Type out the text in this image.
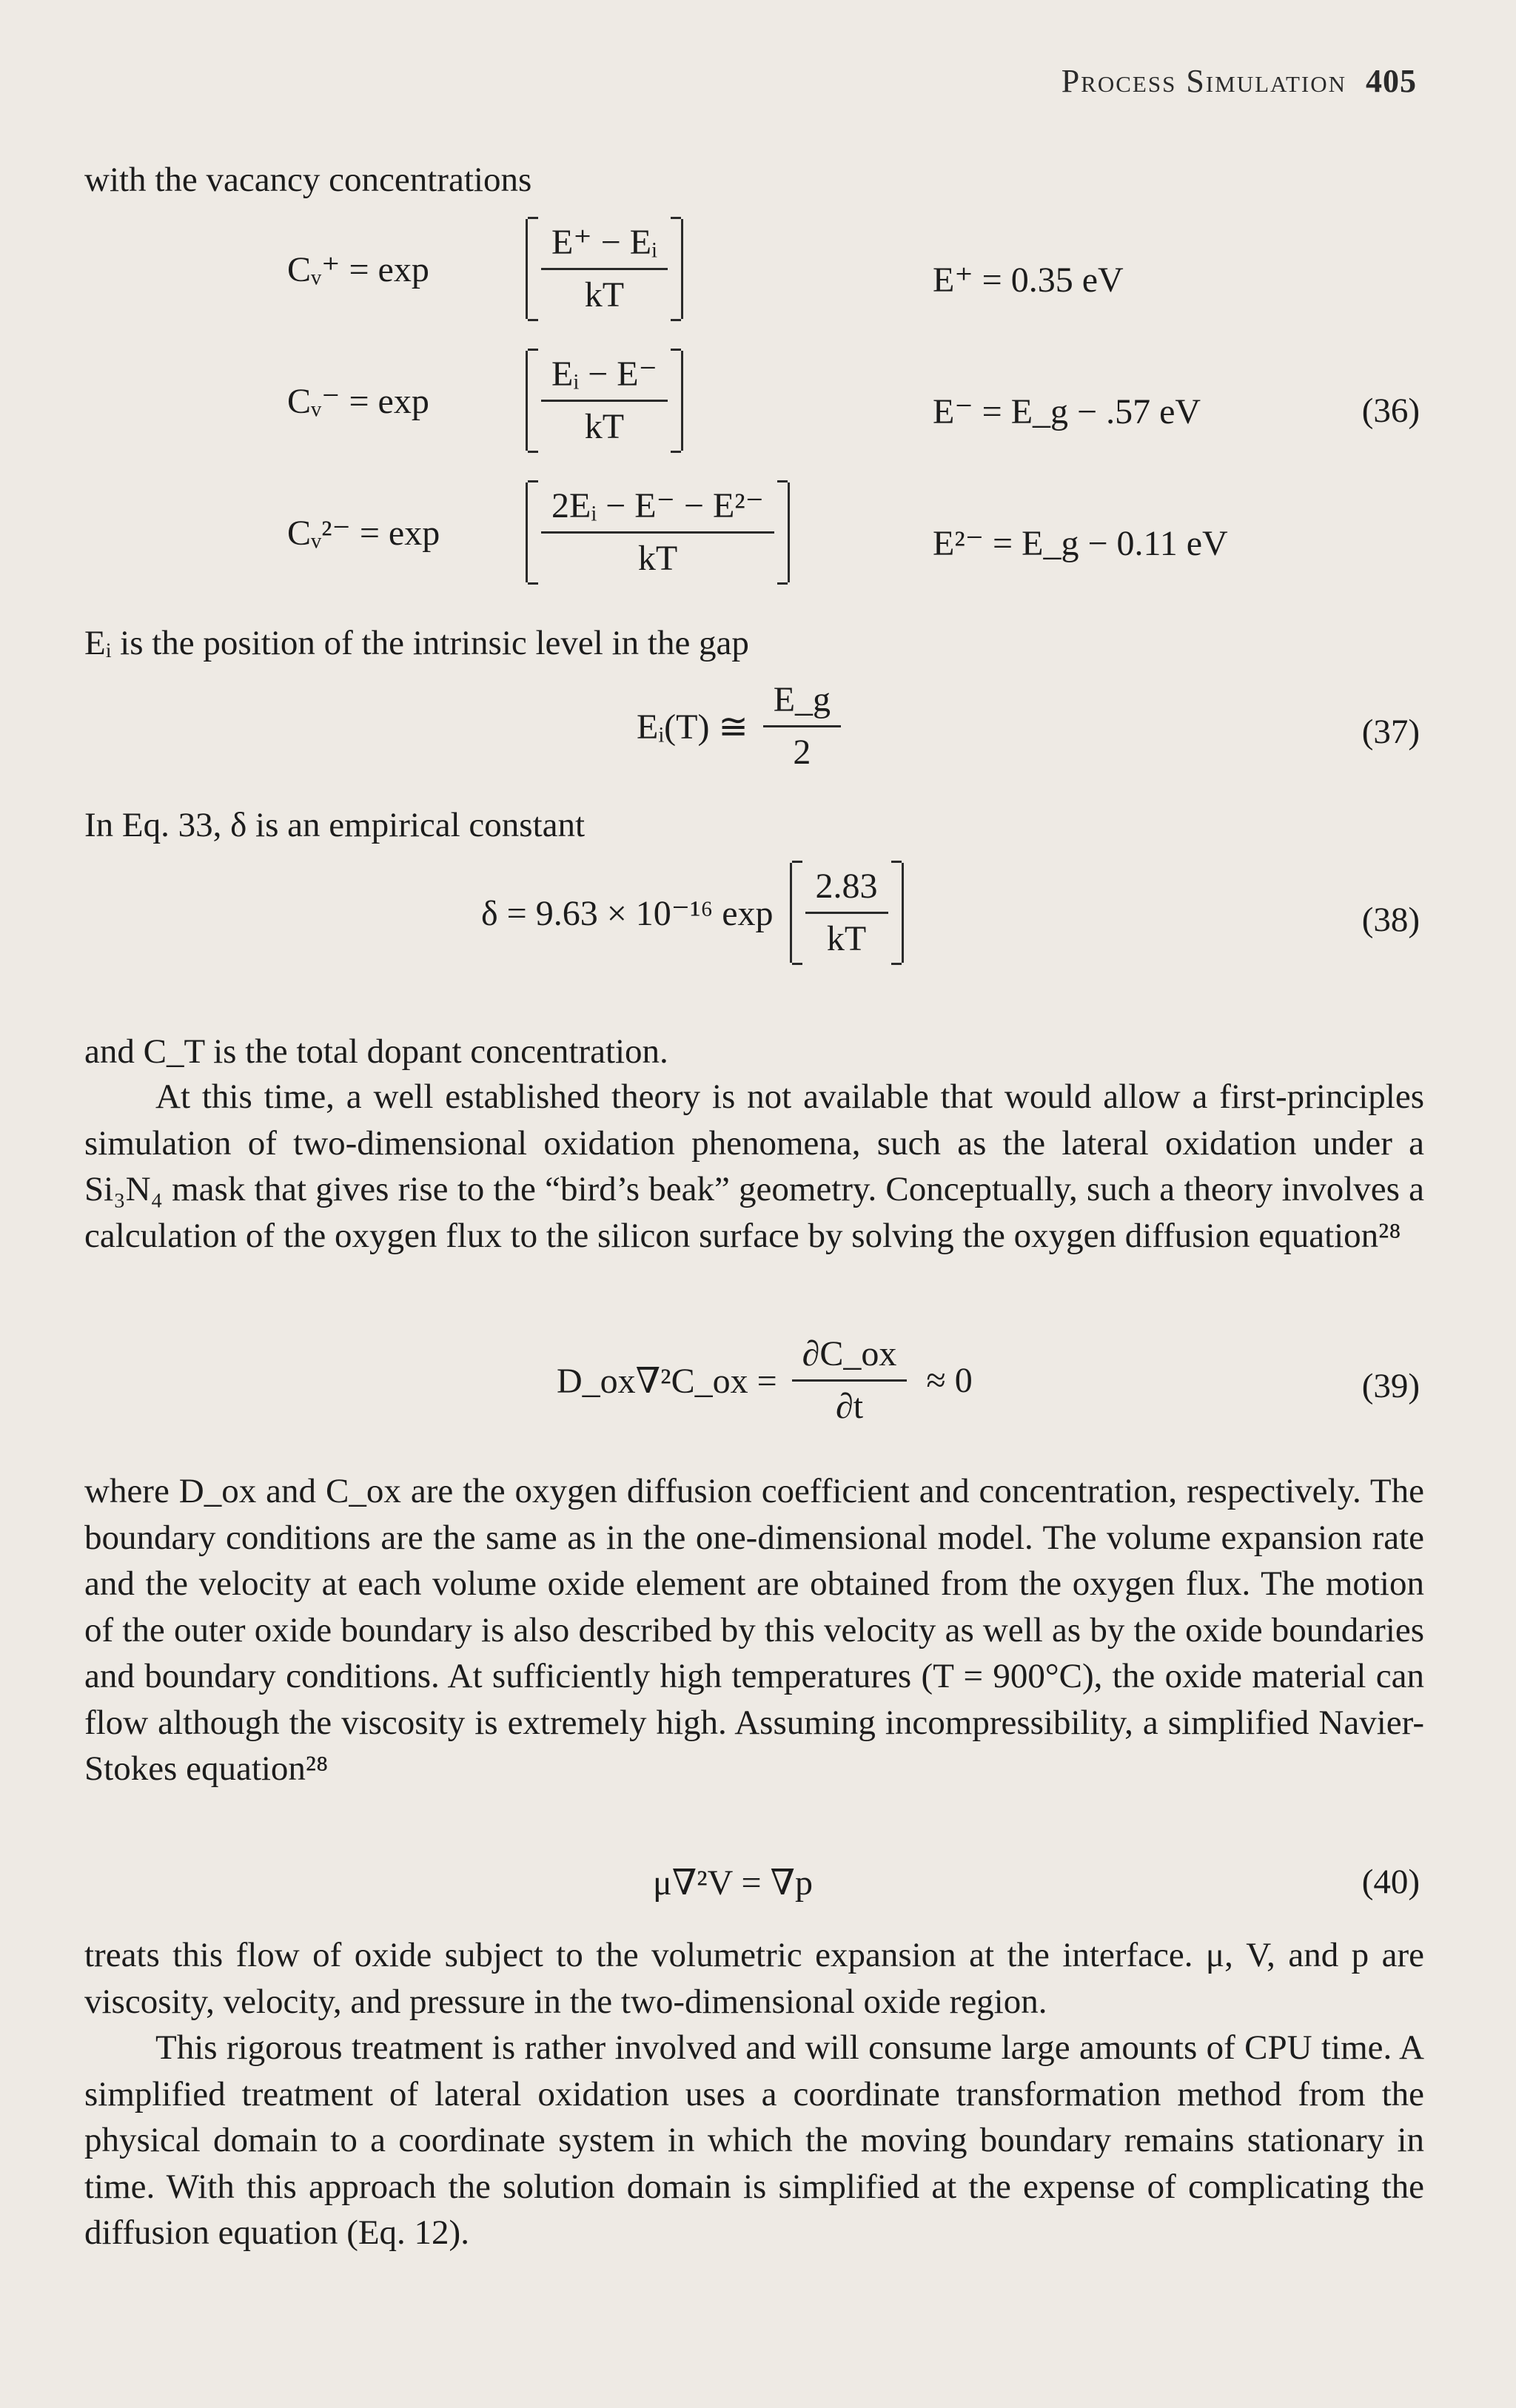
Process Simulation 405
with the vacancy concentrations
Cᵥ⁺ = exp	$\frac{\text{E⁺ − Eᵢ}}{kT}$	E⁺ = 0.35 eV
Cᵥ⁻ = exp	$\frac{\text{Eᵢ − E⁻}}{kT}$	E⁻ = E_g − .57 eV	(36)
Cᵥ²⁻ = exp	$\frac{\text{2Eᵢ − E⁻ − E²⁻}}{kT}$	E²⁻ = E_g − 0.11 eV
Eᵢ is the position of the intrinsic level in the gap
Eᵢ(T) ≅ $\frac{E\_g}{2}$	(37)
In Eq. 33, δ is an empirical constant
δ = 9.63 × 10⁻¹⁶ $\exp \frac{2.83}{kT}$	(38)
and C_T is the total dopant concentration.
At this time, a well established theory is not available that would allow a first-principles simulation of two-dimensional oxidation phenomena, such as the lateral oxidation under a Si₃N₄ mask that gives rise to the “bird’s beak” geometry. Conceptually, such a theory involves a calculation of the oxygen flux to the silicon surface by solving the oxygen diffusion equation²⁸
D_ox∇²C_ox = $\frac{\partial C\_ox}{\partial t} \approx 0$	(39)
where D_ox and C_ox are the oxygen diffusion coefficient and concentration, respectively. The boundary conditions are the same as in the one-dimensional model. The volume expansion rate and the velocity at each volume oxide element are obtained from the oxygen flux. The motion of the outer oxide boundary is also described by this velocity as well as by the oxide boundaries and boundary conditions. At sufficiently high temperatures (T = 900°C), the oxide material can flow although the viscosity is extremely high. Assuming incompressibility, a simplified Navier-Stokes equation²⁸
μ∇²V = ∇p	(40)
treats this flow of oxide subject to the volumetric expansion at the interface. μ, V, and p are viscosity, velocity, and pressure in the two-dimensional oxide region.
This rigorous treatment is rather involved and will consume large amounts of CPU time. A simplified treatment of lateral oxidation uses a coordinate transformation method from the physical domain to a coordinate system in which the moving boundary remains stationary in time. With this approach the solution domain is simplified at the expense of complicating the diffusion equation (Eq. 12).
